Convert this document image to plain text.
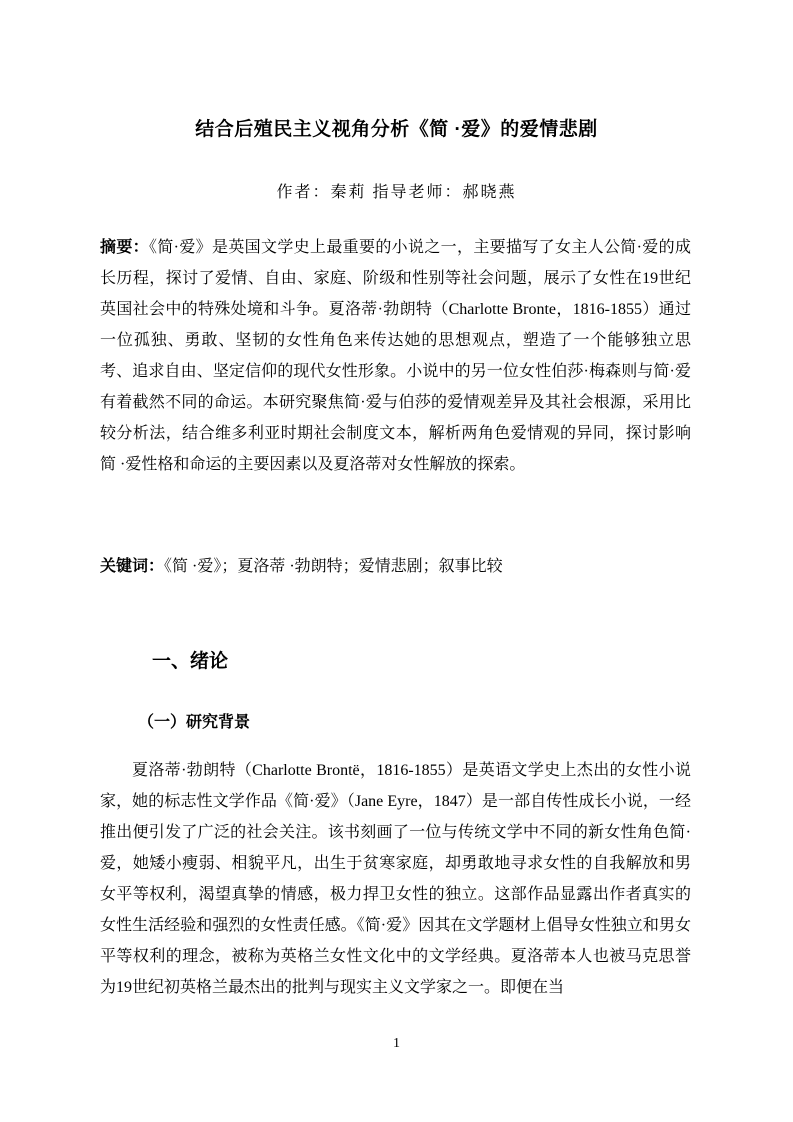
结合后殖民主义视角分析《简 ·爱》的爱情悲剧
作者：秦莉 指导老师：郝晓燕

摘要：《简·爱》是英国文学史上最重要的小说之一，主要描写了女主人公简·爱的成长历程，探讨了爱情、自由、家庭、阶级和性别等社会问题，展示了女性在19世纪英国社会中的特殊处境和斗争。夏洛蒂·勃朗特（Charlotte Bronte，1816-1855）通过一位孤独、勇敢、坚韧的女性角色来传达她的思想观点，塑造了一个能够独立思考、追求自由、坚定信仰的现代女性形象。小说中的另一位女性伯莎·梅森则与简·爱有着截然不同的命运。本研究聚焦简·爱与伯莎的爱情观差异及其社会根源，采用比较分析法，结合维多利亚时期社会制度文本，解析两角色爱情观的异同，探讨影响简 ·爱性格和命运的主要因素以及夏洛蒂对女性解放的探索。

关键词：《简 ·爱》；夏洛蒂 ·勃朗特；爱情悲剧；叙事比较

一、绪论
（一）研究背景

夏洛蒂·勃朗特（Charlotte Brontë，1816-1855）是英语文学史上杰出的女性小说家，她的标志性文学作品《简·爱》（Jane Eyre，1847）是一部自传性成长小说，一经推出便引发了广泛的社会关注。该书刻画了一位与传统文学中不同的新女性角色简·爱，她矮小瘦弱、相貌平凡，出生于贫寒家庭，却勇敢地寻求女性的自我解放和男女平等权利，渴望真挚的情感，极力捍卫女性的独立。这部作品显露出作者真实的女性生活经验和强烈的女性责任感。《简·爱》因其在文学题材上倡导女性独立和男女平等权利的理念，被称为英格兰女性文化中的文学经典。夏洛蒂本人也被马克思誉为19世纪初英格兰最杰出的批判与现实主义文学家之一。即便在当

1
